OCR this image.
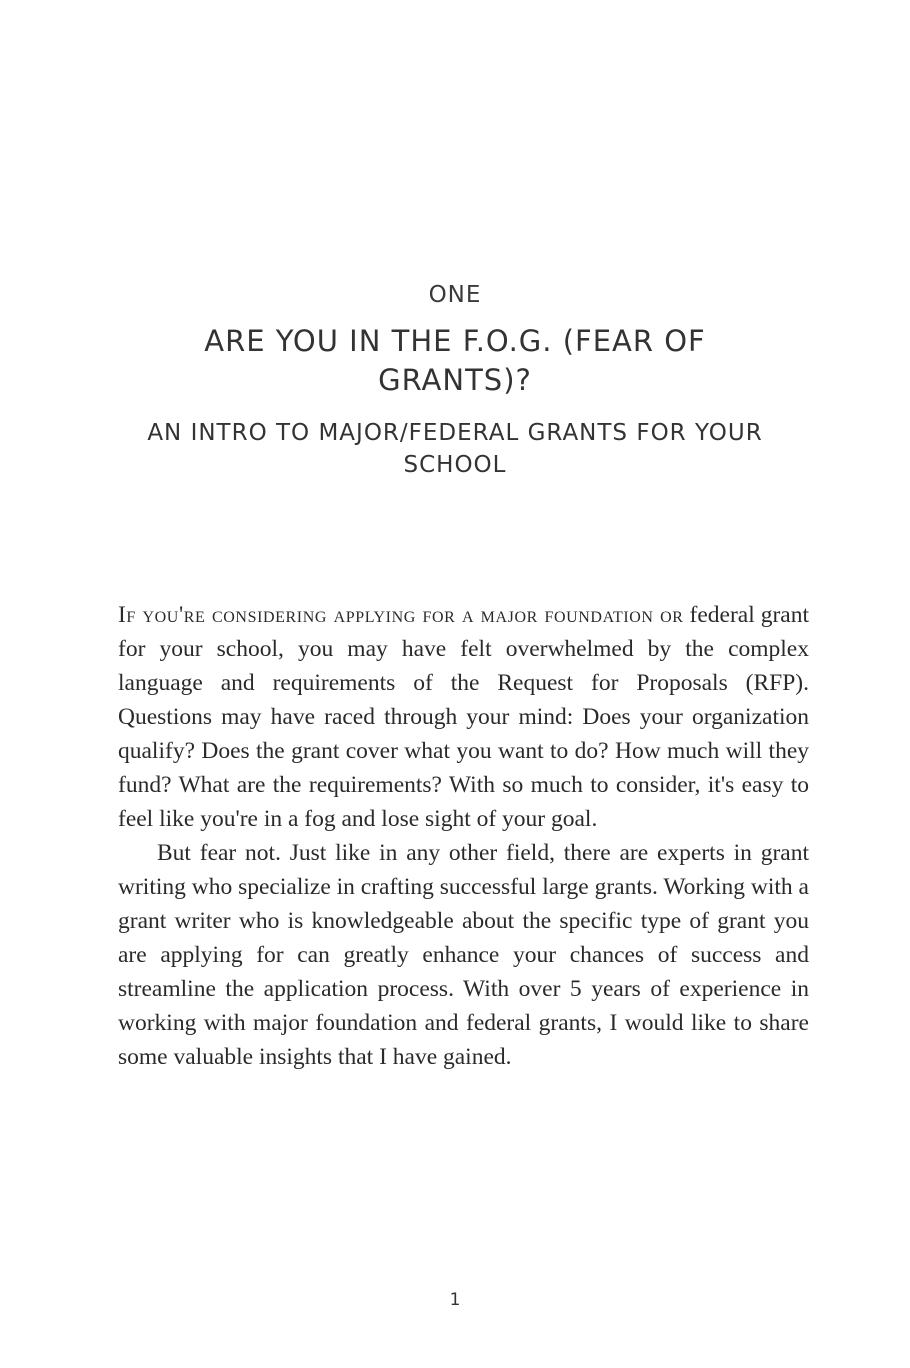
ONE
ARE YOU IN THE F.O.G. (FEAR OF GRANTS)?
AN INTRO TO MAJOR/FEDERAL GRANTS FOR YOUR SCHOOL

If you're considering applying for a major foundation or federal grant for your school, you may have felt overwhelmed by the complex language and requirements of the Request for Proposals (RFP). Questions may have raced through your mind: Does your organization qualify? Does the grant cover what you want to do? How much will they fund? What are the requirements? With so much to consider, it's easy to feel like you're in a fog and lose sight of your goal.

But fear not. Just like in any other field, there are experts in grant writing who specialize in crafting successful large grants. Working with a grant writer who is knowledgeable about the specific type of grant you are applying for can greatly enhance your chances of success and streamline the application process. With over 5 years of experience in working with major foundation and federal grants, I would like to share some valuable insights that I have gained.

1
